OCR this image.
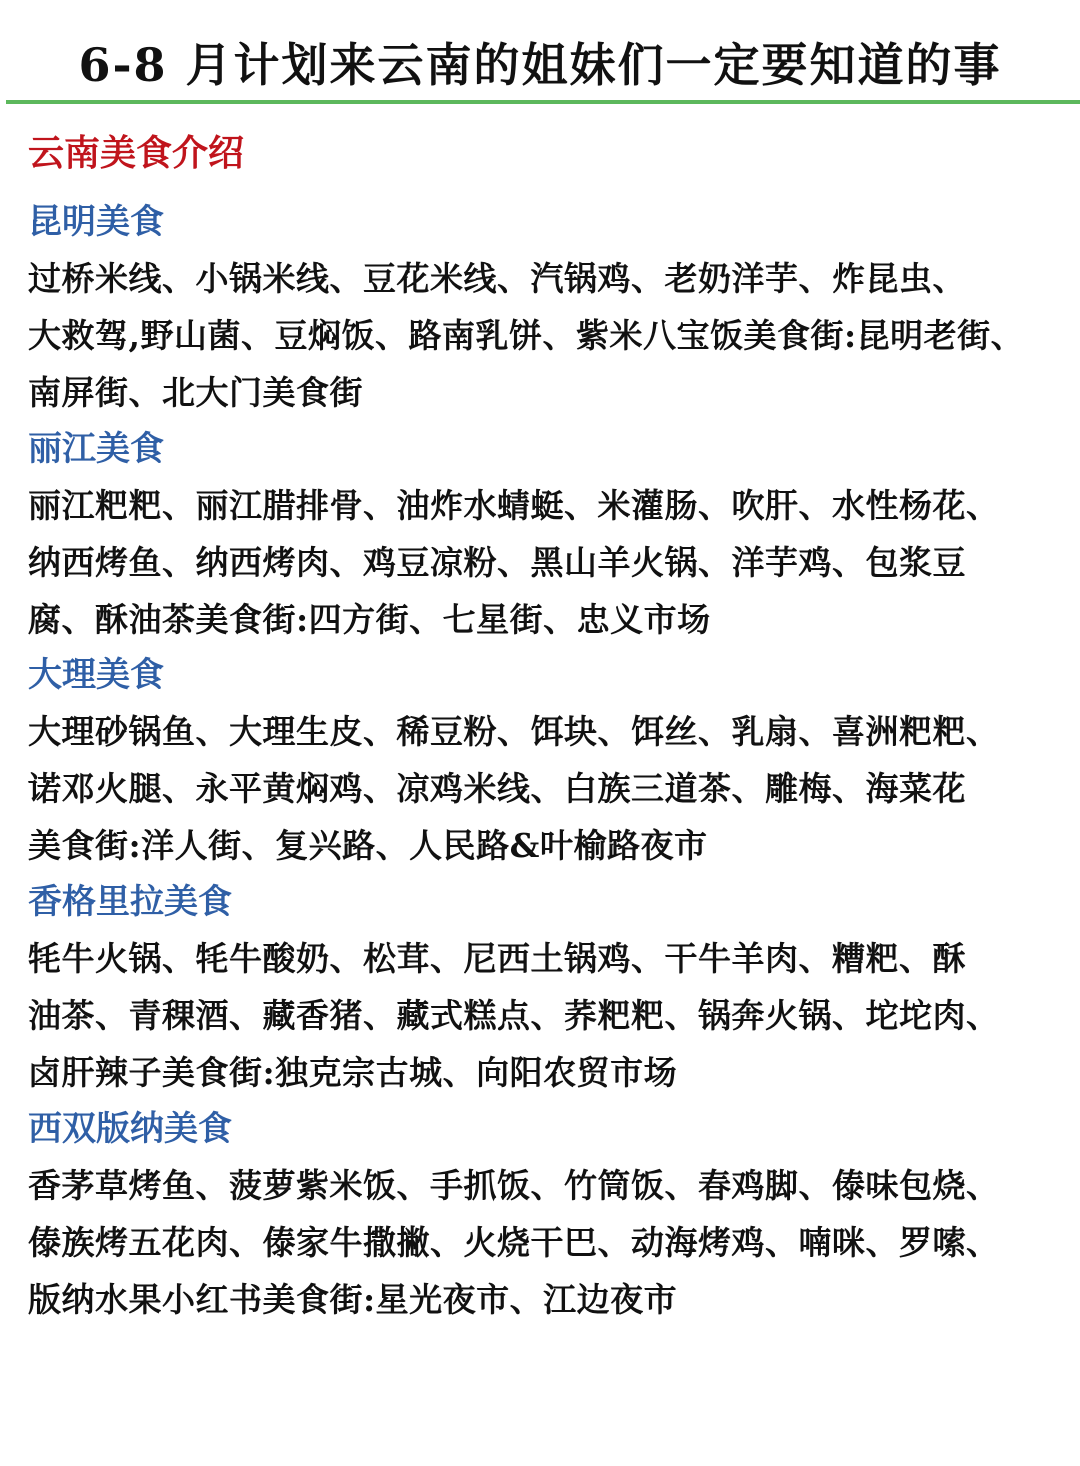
6-8 月计划来云南的姐妹们一定要知道的事
云南美食介绍
昆明美食
过桥米线、小锅米线、豆花米线、汽锅鸡、老奶洋芋、炸昆虫、
大救驾,野山菌、豆焖饭、路南乳饼、紫米八宝饭美食街:昆明老街、
南屏街、北大门美食街
丽江美食
丽江粑粑、丽江腊排骨、油炸水蜻蜓、米灌肠、吹肝、水性杨花、
纳西烤鱼、纳西烤肉、鸡豆凉粉、黑山羊火锅、洋芋鸡、包浆豆
腐、酥油茶美食街:四方街、七星街、忠义市场
大理美食
大理砂锅鱼、大理生皮、稀豆粉、饵块、饵丝、乳扇、喜洲粑粑、
诺邓火腿、永平黄焖鸡、凉鸡米线、白族三道茶、雕梅、海菜花
美食街:洋人街、复兴路、人民路&叶榆路夜市
香格里拉美食
牦牛火锅、牦牛酸奶、松茸、尼西土锅鸡、干牛羊肉、糟粑、酥
油茶、青稞酒、藏香猪、藏式糕点、荞粑粑、锅奔火锅、坨坨肉、
卤肝辣子美食街:独克宗古城、向阳农贸市场
西双版纳美食
香茅草烤鱼、菠萝紫米饭、手抓饭、竹筒饭、春鸡脚、傣味包烧、
傣族烤五花肉、傣家牛撒撇、火烧干巴、动海烤鸡、喃咪、罗嗦、
版纳水果小红书美食街:星光夜市、江边夜市
